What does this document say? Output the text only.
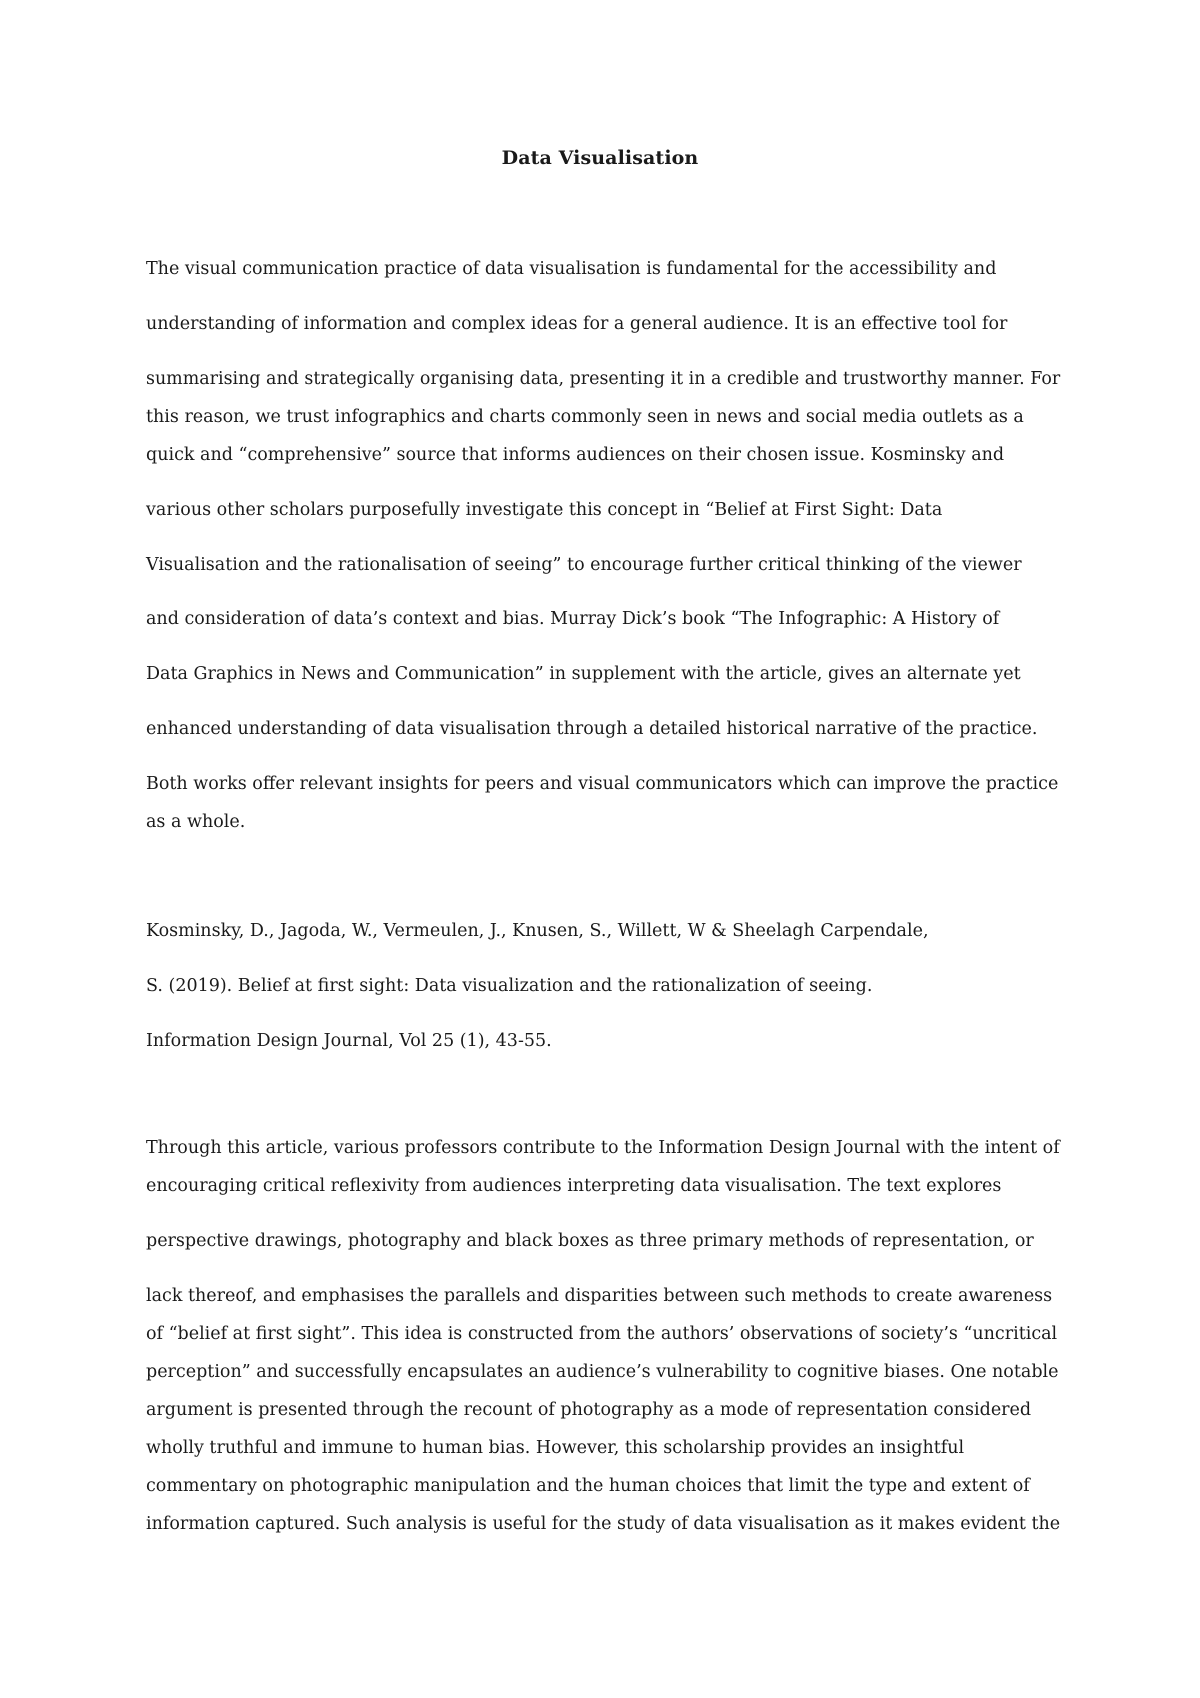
Data Visualisation
The visual communication practice of data visualisation is fundamental for the accessibility and
understanding of information and complex ideas for a general audience. It is an effective tool for
summarising and strategically organising data, presenting it in a credible and trustworthy manner. For
this reason, we trust infographics and charts commonly seen in news and social media outlets as a
quick and “comprehensive” source that informs audiences on their chosen issue. Kosminsky and
various other scholars purposefully investigate this concept in “Belief at First Sight: Data
Visualisation and the rationalisation of seeing” to encourage further critical thinking of the viewer
and consideration of data’s context and bias. Murray Dick’s book “The Infographic: A History of
Data Graphics in News and Communication” in supplement with the article, gives an alternate yet
enhanced understanding of data visualisation through a detailed historical narrative of the practice.
Both works offer relevant insights for peers and visual communicators which can improve the practice
as a whole.
Kosminsky, D., Jagoda, W., Vermeulen, J., Knusen, S., Willett, W & Sheelagh Carpendale,
S. (2019). Belief at first sight: Data visualization and the rationalization of seeing.
Information Design Journal, Vol 25 (1), 43-55.
Through this article, various professors contribute to the Information Design Journal with the intent of
encouraging critical reflexivity from audiences interpreting data visualisation. The text explores
perspective drawings, photography and black boxes as three primary methods of representation, or
lack thereof, and emphasises the parallels and disparities between such methods to create awareness
of “belief at first sight”. This idea is constructed from the authors’ observations of society’s “uncritical
perception” and successfully encapsulates an audience’s vulnerability to cognitive biases. One notable
argument is presented through the recount of photography as a mode of representation considered
wholly truthful and immune to human bias. However, this scholarship provides an insightful
commentary on photographic manipulation and the human choices that limit the type and extent of
information captured. Such analysis is useful for the study of data visualisation as it makes evident the
